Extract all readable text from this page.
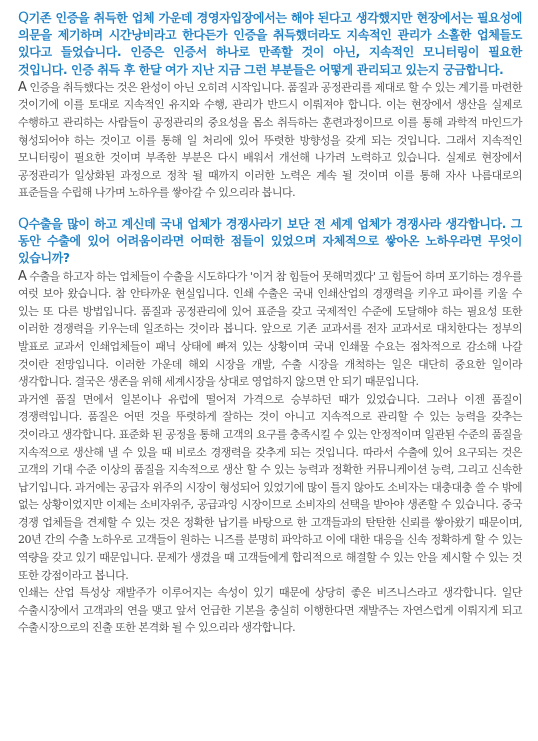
Q기존 인증을 취득한 업체 가운데 경영자입장에서는 해야 된다고 생각했지만 현장에서는 필요성에 의문을 제기하며 시간낭비라고 한다든가 인증을 취득했더라도 지속적인 관리가 소홀한 업체들도 있다고 들었습니다. 인증은 인증서 하나로 만족할 것이 아닌, 지속적인 모니터링이 필요한 것입니다. 인증 취득 후 한달 여가 지난 지금 그런 부분들은 어떻게 관리되고 있는지 궁금합니다.

A 인증을 취득했다는 것은 완성이 아닌 오히려 시작입니다. 품질과 공정관리를 제대로 할 수 있는 계기를 마련한 것이기에 이를 토대로 지속적인 유지와 수행, 관리가 반드시 이뤄져야 합니다. 이는 현장에서 생산을 실제로 수행하고 관리하는 사람들이 공정관리의 중요성을 몸소 취득하는 훈련과정이므로 이를 통해 과학적 마인드가 형성되어야 하는 것이고 이를 통해 일 처리에 있어 뚜렷한 방향성을 갖게 되는 것입니다. 그래서 지속적인 모니터링이 필요한 것이며 부족한 부분은 다시 배워서 개선해 나가려 노력하고 있습니다. 실제로 현장에서 공정관리가 일상화된 과정으로 정착 될 때까지 이러한 노력은 계속 될 것이며 이를 통해 자사 나름대로의 표준들을 수립해 나가며 노하우를 쌓아갈 수 있으리라 봅니다.

Q수출을 많이 하고 계신데 국내 업체가 경쟁사라기 보단 전 세계 업체가 경쟁사라 생각합니다. 그 동안 수출에 있어 어려움이라면 어떠한 점들이 있었으며 자체적으로 쌓아온 노하우라면 무엇이 있습니까?

A 수출을 하고자 하는 업체들이 수출을 시도하다가 '이거 참 힘들어 못해먹겠다' 고 힘들어 하며 포기하는 경우를 여럿 보아 왔습니다. 참 안타까운 현실입니다. 인쇄 수출은 국내 인쇄산업의 경쟁력을 키우고 파이를 키울 수 있는 또 다른 방법입니다. 품질과 공정관리에 있어 표준을 갖고 국제적인 수준에 도달해야 하는 필요성 또한 이러한 경쟁력을 키우는데 일조하는 것이라 봅니다. 앞으로 기존 교과서를 전자 교과서로 대치한다는 정부의 발표로 교과서 인쇄업체들이 패닉 상태에 빠져 있는 상황이며 국내 인쇄물 수요는 점차적으로 감소해 나갈 것이란 전망입니다. 이러한 가운데 해외 시장을 개발, 수출 시장을 개척하는 일은 대단히 중요한 일이라 생각합니다. 결국은 생존을 위해 세계시장을 상대로 영업하지 않으면 안 되기 때문입니다.

과거엔 품질 면에서 일본이나 유럽에 떨어져 가격으로 승부하던 때가 있었습니다. 그러나 이젠 품질이 경쟁력입니다. 품질은 어떤 것을 뚜렷하게 잘하는 것이 아니고 지속적으로 관리할 수 있는 능력을 갖추는 것이라고 생각합니다. 표준화 된 공정을 통해 고객의 요구를 충족시킬 수 있는 안정적이며 일관된 수준의 품질을 지속적으로 생산해 낼 수 있을 때 비로소 경쟁력을 갖추게 되는 것입니다. 따라서 수출에 있어 요구되는 것은 고객의 기대 수준 이상의 품질을 지속적으로 생산 할 수 있는 능력과 정확한 커뮤니케이션 능력, 그리고 신속한 납기입니다. 과거에는 공급자 위주의 시장이 형성되어 있었기에 많이 틀지 않아도 소비자는 대충대충 쓸 수 밖에 없는 상황이었지만 이제는 소비자위주, 공급과잉 시장이므로 소비자의 선택을 받아야 생존할 수 있습니다. 중국 경쟁 업체들을 견제할 수 있는 것은 정확한 납기를 바탕으로 한 고객들과의 탄탄한 신뢰를 쌓아왔기 때문이며, 20년 간의 수출 노하우로 고객들이 원하는 니즈를 분명히 파악하고 이에 대한 대응을 신속 정확하게 할 수 있는 역량을 갖고 있기 때문입니다. 문제가 생겼을 때 고객들에게 합리적으로 해결할 수 있는 안을 제시할 수 있는 것 또한 강점이라고 봅니다.

인쇄는 산업 특성상 재발주가 이루어지는 속성이 있기 때문에 상당히 좋은 비즈니스라고 생각합니다. 일단 수출시장에서 고객과의 연을 맺고 앞서 언급한 기본을 충실히 이행한다면 재발주는 자연스럽게 이뤄지게 되고 수출시장으로의 진출 또한 본격화 될 수 있으리라 생각합니다.
